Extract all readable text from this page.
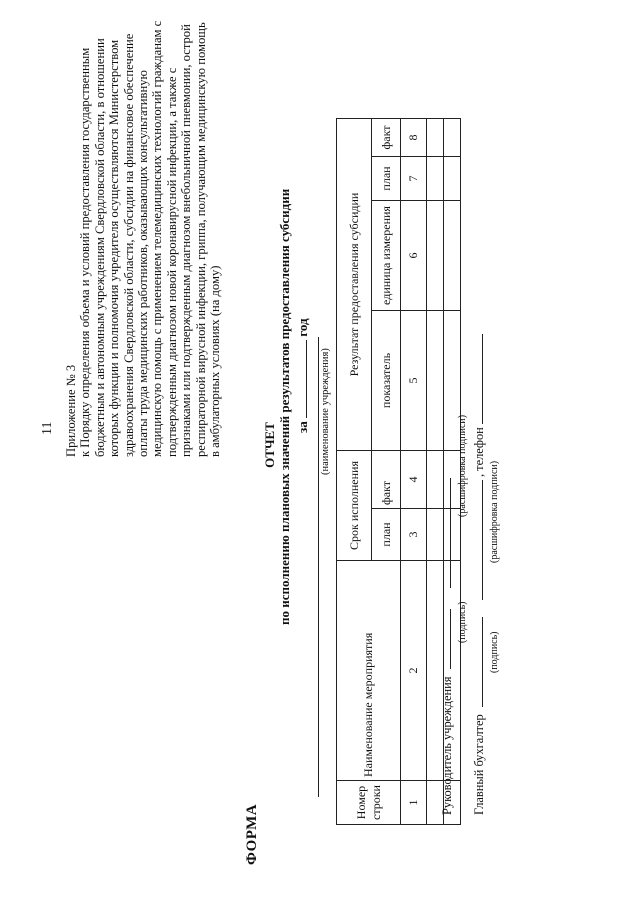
11
ФОРМА
Приложение № 3 к Порядку определения объема и условий предоставления государственным бюджетным и автономным учреждениям Свердловской области, в отношении которых функции и полномочия учредителя осуществляются Министерством здравоохранения Свердловской области, субсидии на финансовое обеспечение оплаты труда медицинских работников, оказывающих консультативную медицинскую помощь с применением телемедицинских технологий гражданам с подтвержденным диагнозом новой коронавирусной инфекции, а также с признаками или подтвержденным диагнозом внебольничной пневмонии, острой респираторной вирусной инфекции, гриппа, получающим медицинскую помощь в амбулаторных условиях (на дому)	ОТЧЕТ по исполнению плановых значений результатов предоставления субсидии за  год
(наименование учреждения)
Номер строки	Наименование мероприятия	Срок исполнения		Результат предоставления субсидии			
		план	факт	показатель	единица измерения	план	факт
1	2	3	4	5	6	7	8

Руководитель учреждения
(подпись)
(расшифровка подписи)
Главный бухгалтер   , телефон
(подпись)
(расшифровка подписи)
